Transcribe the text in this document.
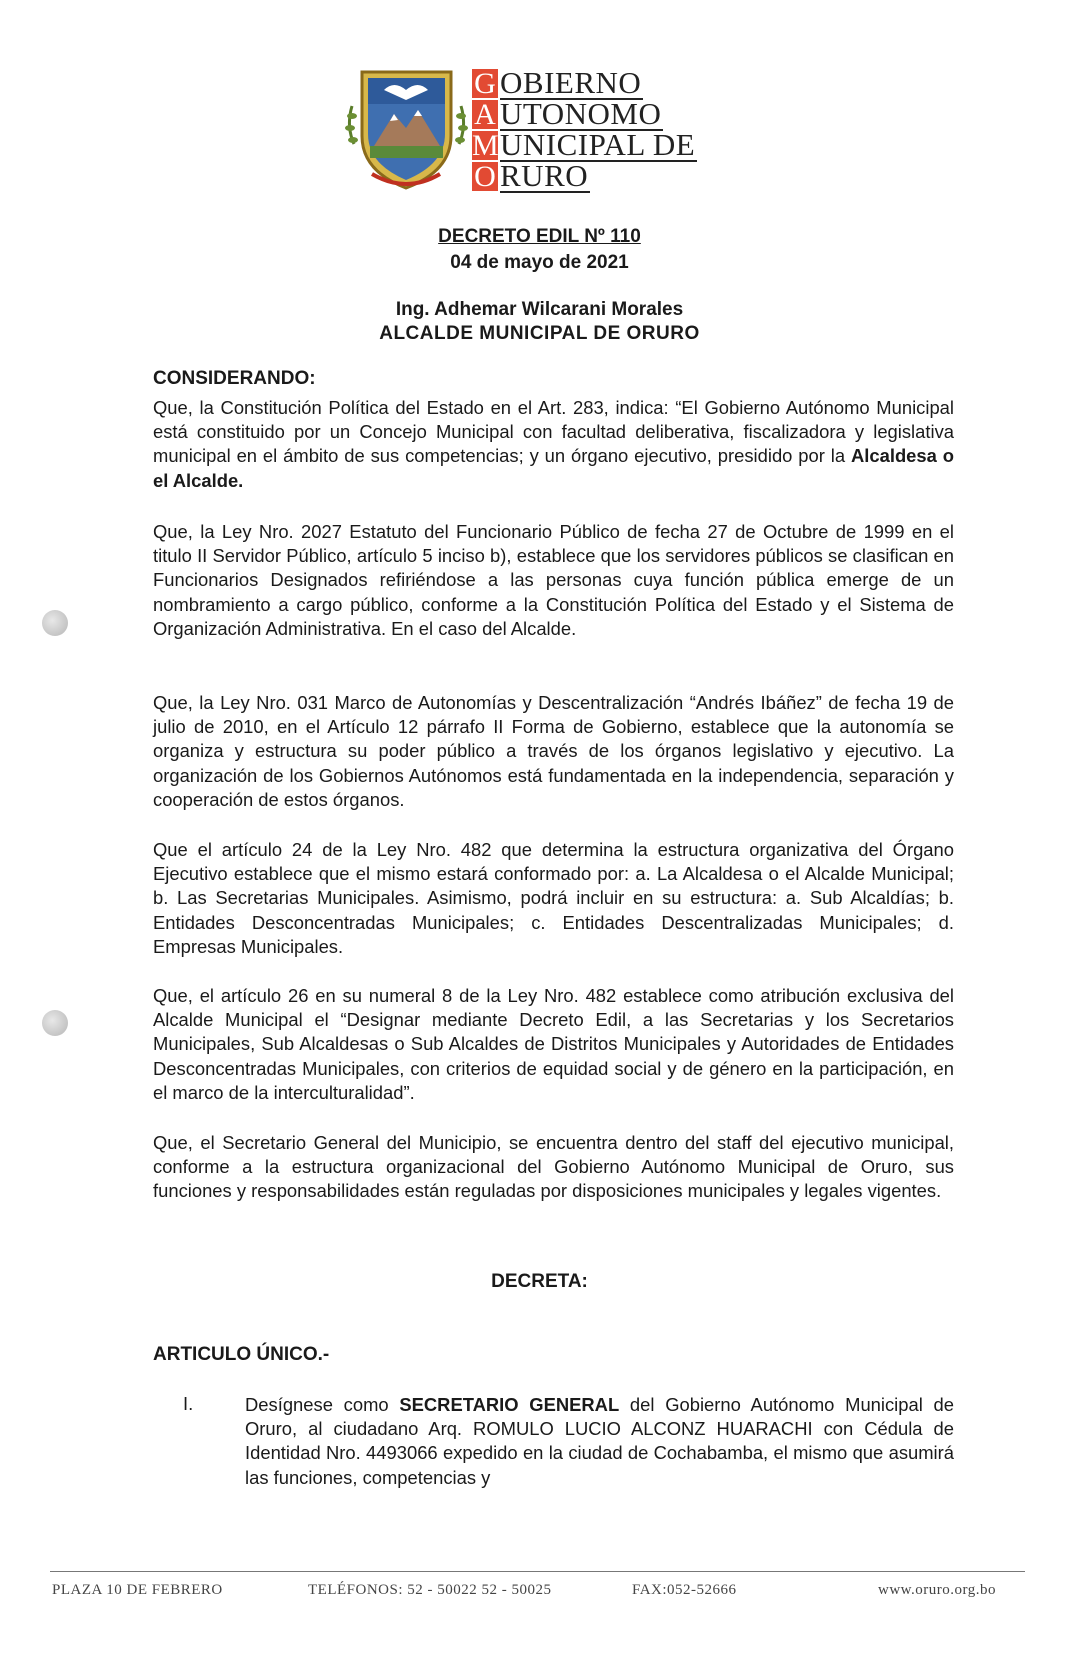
G OBIERNO
A UTONOMO
M UNICIPAL DE
O RURO
DECRETO EDIL Nº 110
04 de mayo de 2021
Ing. Adhemar Wilcarani Morales
ALCALDE MUNICIPAL DE ORURO
CONSIDERANDO:
Que, la Constitución Política del Estado en el Art. 283, indica: “El Gobierno Autónomo Municipal está constituido por un Concejo Municipal con facultad deliberativa, fiscalizadora y legislativa municipal en el ámbito de sus competencias; y un órgano ejecutivo, presidido por la Alcaldesa o el Alcalde.
Que, la Ley Nro. 2027 Estatuto del Funcionario Público de fecha 27 de Octubre de 1999 en el titulo II Servidor Público, artículo 5 inciso b), establece que los servidores públicos se clasifican en Funcionarios Designados refiriéndose a las personas cuya función pública emerge de un nombramiento a cargo público, conforme a la Constitución Política del Estado y el Sistema de Organización Administrativa. En el caso del Alcalde.
Que, la Ley Nro. 031 Marco de Autonomías y Descentralización “Andrés Ibáñez” de fecha 19 de julio de 2010, en el Artículo 12 párrafo II Forma de Gobierno, establece que la autonomía se organiza y estructura su poder público a través de los órganos legislativo y ejecutivo. La organización de los Gobiernos Autónomos está fundamentada en la independencia, separación y cooperación de estos órganos.
Que el artículo 24 de la Ley Nro. 482 que determina la estructura organizativa del Órgano Ejecutivo establece que el mismo estará conformado por: a. La Alcaldesa o el Alcalde Municipal; b. Las Secretarias Municipales. Asimismo, podrá incluir en su estructura: a. Sub Alcaldías; b. Entidades Desconcentradas Municipales; c. Entidades Descentralizadas Municipales; d. Empresas Municipales.
Que, el artículo 26 en su numeral 8 de la Ley Nro. 482 establece como atribución exclusiva del Alcalde Municipal el “Designar mediante Decreto Edil, a las Secretarias y los Secretarios Municipales, Sub Alcaldesas o Sub Alcaldes de Distritos Municipales y Autoridades de Entidades Desconcentradas Municipales, con criterios de equidad social y de género en la participación, en el marco de la interculturalidad”.
Que, el Secretario General del Municipio, se encuentra dentro del staff del ejecutivo municipal, conforme a la estructura organizacional del Gobierno Autónomo Municipal de Oruro, sus funciones y responsabilidades están reguladas por disposiciones municipales y legales vigentes.
DECRETA:
ARTICULO ÚNICO.-
I.	Desígnese como SECRETARIO GENERAL del Gobierno Autónomo Municipal de Oruro, al ciudadano Arq. ROMULO LUCIO ALCONZ HUARACHI con Cédula de Identidad Nro. 4493066 expedido en la ciudad de Cochabamba, el mismo que asumirá las funciones, competencias y
PLAZA 10 DE FEBRERO	TELÉFONOS: 52 - 50022 52 - 50025	FAX:052-52666	www.oruro.org.bo
